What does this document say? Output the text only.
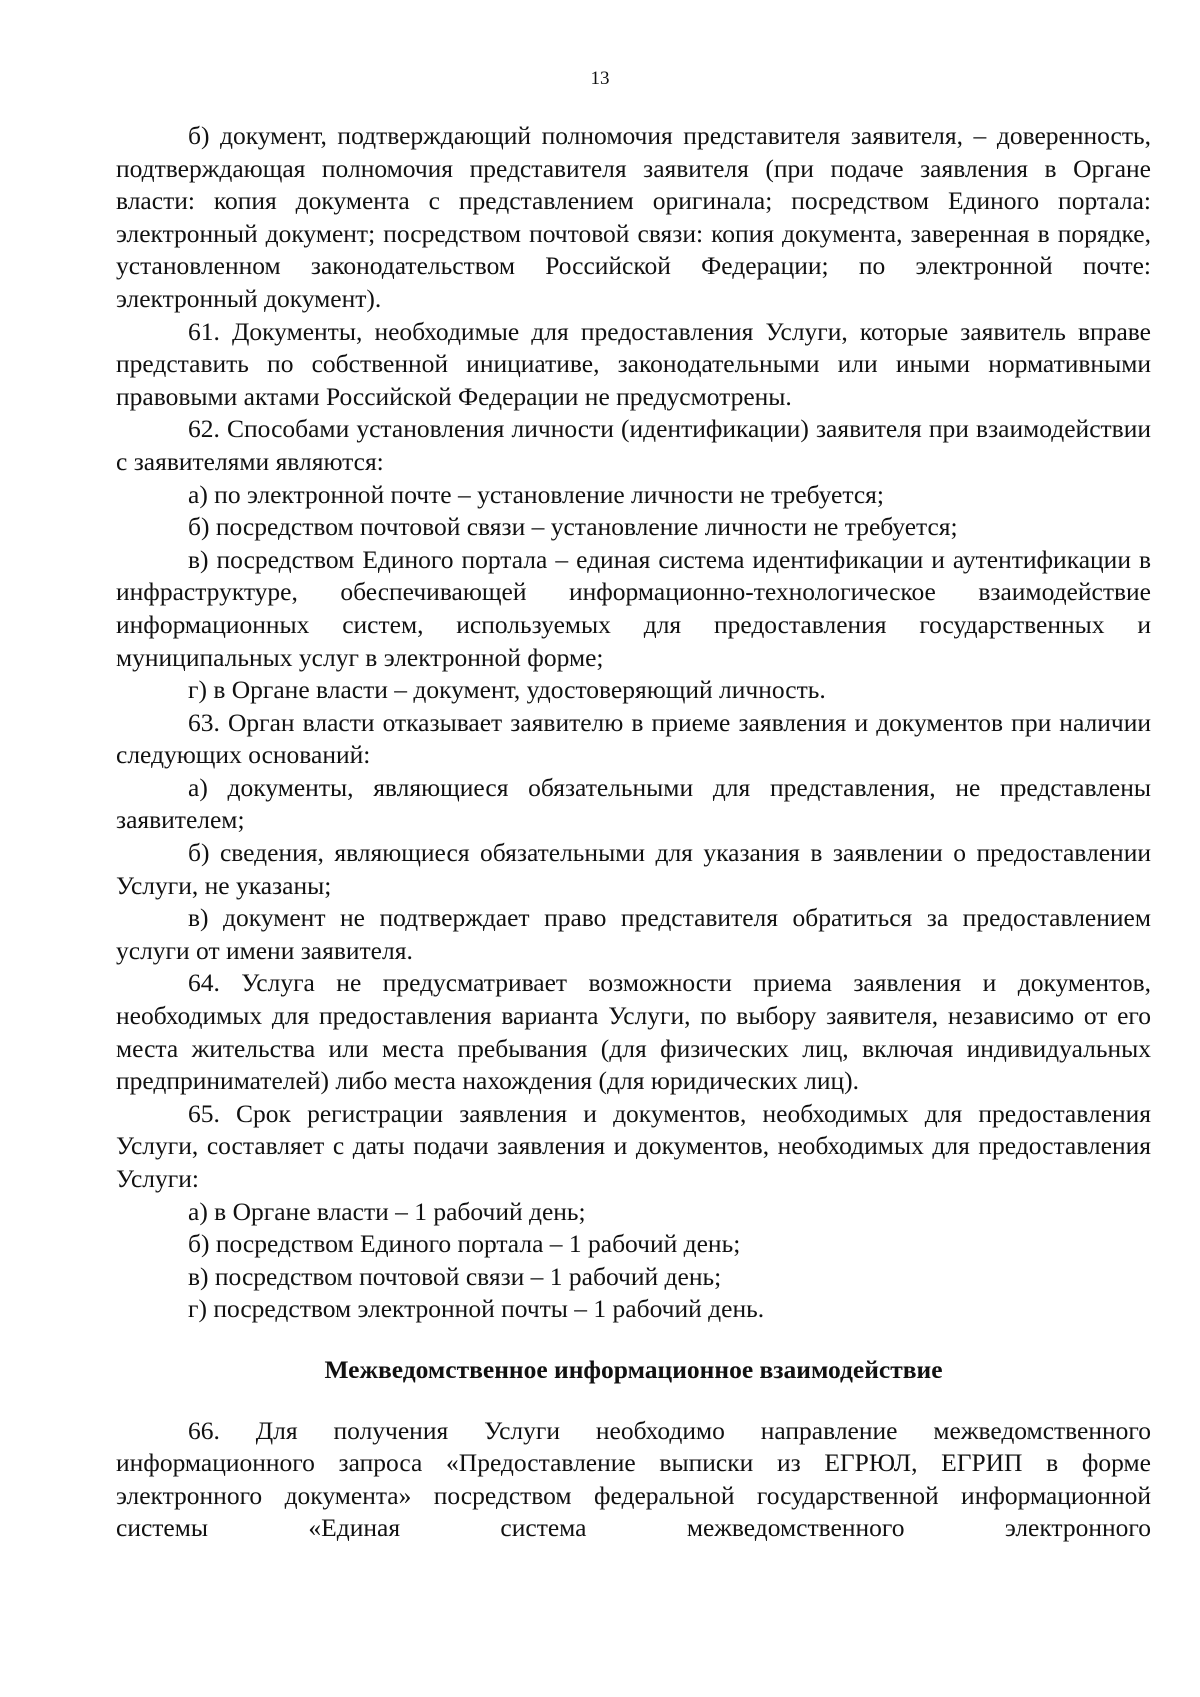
13

б) документ, подтверждающий полномочия представителя заявителя, – доверенность, подтверждающая полномочия представителя заявителя (при подаче заявления в Органе власти: копия документа с представлением оригинала; посредством Единого портала: электронный документ; посредством почтовой связи: копия документа, заверенная в порядке, установленном законодательством Российской Федерации; по электронной почте: электронный документ).

61. Документы, необходимые для предоставления Услуги, которые заявитель вправе представить по собственной инициативе, законодательными или иными нормативными правовыми актами Российской Федерации не предусмотрены.

62. Способами установления личности (идентификации) заявителя при взаимодействии с заявителями являются:

а) по электронной почте – установление личности не требуется;

б) посредством почтовой связи – установление личности не требуется;

в) посредством Единого портала – единая система идентификации и аутентификации в инфраструктуре, обеспечивающей информационно-технологическое взаимодействие информационных систем, используемых для предоставления государственных и муниципальных услуг в электронной форме;

г) в Органе власти – документ, удостоверяющий личность.

63. Орган власти отказывает заявителю в приеме заявления и документов при наличии следующих оснований:

а) документы, являющиеся обязательными для представления, не представлены заявителем;

б) сведения, являющиеся обязательными для указания в заявлении о предоставлении Услуги, не указаны;

в) документ не подтверждает право представителя обратиться за предоставлением услуги от имени заявителя.

64. Услуга не предусматривает возможности приема заявления и документов, необходимых для предоставления варианта Услуги, по выбору заявителя, независимо от его места жительства или места пребывания (для физических лиц, включая индивидуальных предпринимателей) либо места нахождения (для юридических лиц).

65. Срок регистрации заявления и документов, необходимых для предоставления Услуги, составляет с даты подачи заявления и документов, необходимых для предоставления Услуги:

а) в Органе власти – 1 рабочий день;

б) посредством Единого портала – 1 рабочий день;

в) посредством почтовой связи – 1 рабочий день;

г) посредством электронной почты – 1 рабочий день.

Межведомственное информационное взаимодействие

66. Для получения Услуги необходимо направление межведомственного информационного запроса «Предоставление выписки из ЕГРЮЛ, ЕГРИП в форме электронного документа» посредством федеральной государственной информационной системы «Единая система межведомственного электронного
